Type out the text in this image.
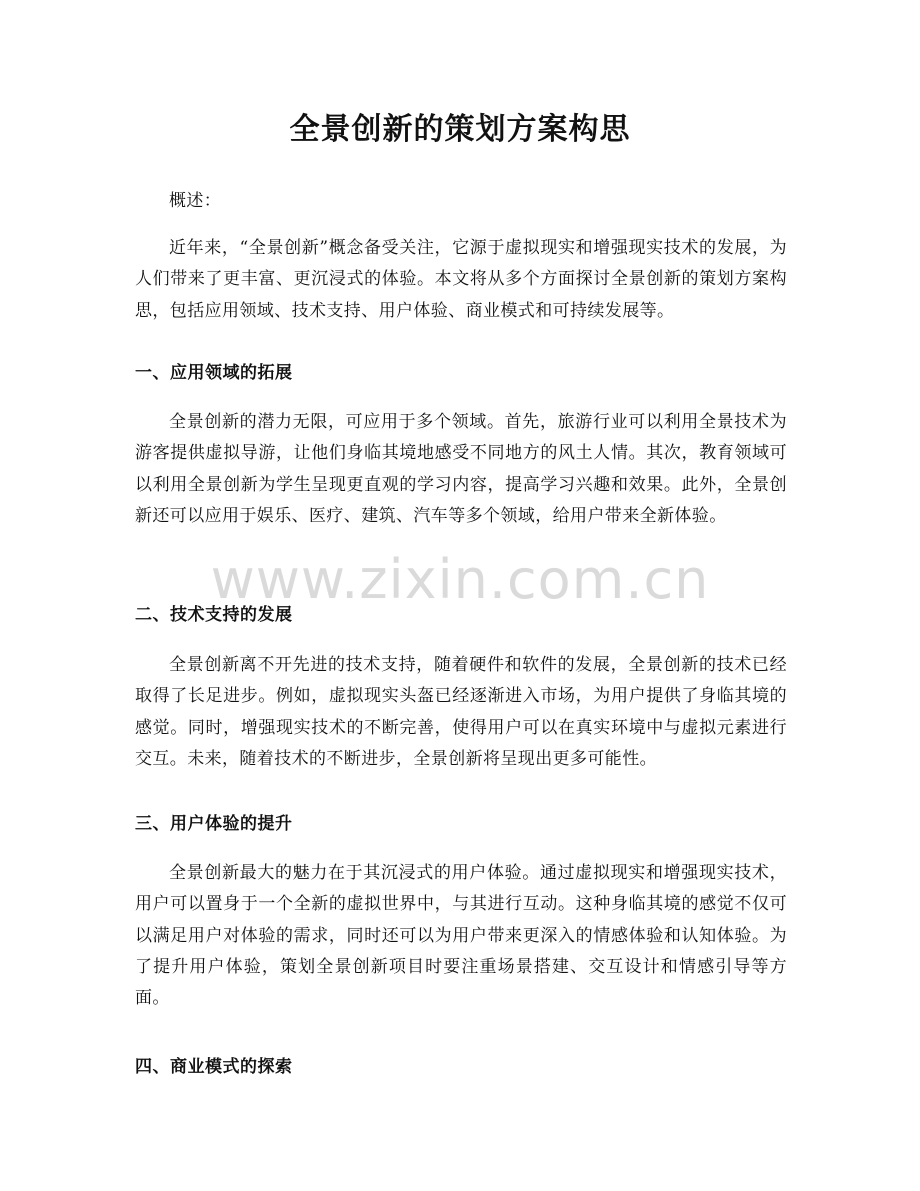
全景创新的策划方案构思

概述：

近年来，“全景创新”概念备受关注，它源于虚拟现实和增强现实技术的发展，为人们带来了更丰富、更沉浸式的体验。本文将从多个方面探讨全景创新的策划方案构思，包括应用领域、技术支持、用户体验、商业模式和可持续发展等。

一、应用领域的拓展

全景创新的潜力无限，可应用于多个领域。首先，旅游行业可以利用全景技术为游客提供虚拟导游，让他们身临其境地感受不同地方的风土人情。其次，教育领域可以利用全景创新为学生呈现更直观的学习内容，提高学习兴趣和效果。此外，全景创新还可以应用于娱乐、医疗、建筑、汽车等多个领域，给用户带来全新体验。

二、技术支持的发展

全景创新离不开先进的技术支持，随着硬件和软件的发展，全景创新的技术已经取得了长足进步。例如，虚拟现实头盔已经逐渐进入市场，为用户提供了身临其境的感觉。同时，增强现实技术的不断完善，使得用户可以在真实环境中与虚拟元素进行交互。未来，随着技术的不断进步，全景创新将呈现出更多可能性。

三、用户体验的提升

全景创新最大的魅力在于其沉浸式的用户体验。通过虚拟现实和增强现实技术，用户可以置身于一个全新的虚拟世界中，与其进行互动。这种身临其境的感觉不仅可以满足用户对体验的需求，同时还可以为用户带来更深入的情感体验和认知体验。为了提升用户体验，策划全景创新项目时要注重场景搭建、交互设计和情感引导等方面。

四、商业模式的探索
www.zixin.com.cn
